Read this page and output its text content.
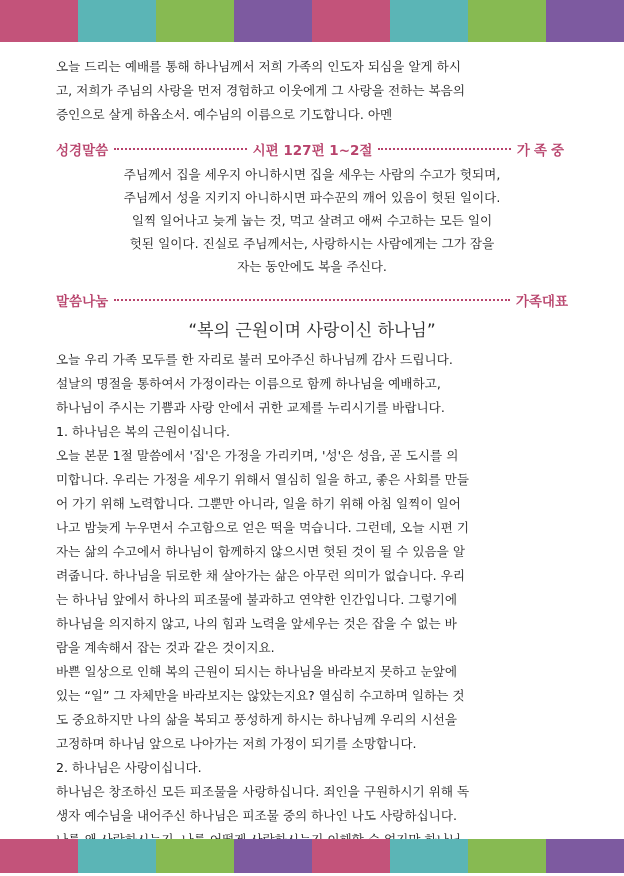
오늘 드리는 예배를 통해 하나님께서 저희 가족의 인도자 되심을 알게 하시

고, 저희가 주님의 사랑을 먼저 경험하고 이웃에게 그 사랑을 전하는 복음의

증인으로 살게 하옵소서. 예수님의 이름으로 기도합니다. 아멘

성경말씀	시편 127편 1~2절	가족중
주님께서 집을 세우지 아니하시면 집을 세우는 사람의 수고가 헛되며,
주님께서 성을 지키지 아니하시면 파수꾼의 깨어 있음이 헛된 일이다.
일찍 일어나고 늦게 눕는 것, 먹고 살려고 애써 수고하는 모든 일이
헛된 일이다. 진실로 주님께서는, 사랑하시는 사람에게는 그가 잠을
자는 동안에도 복을 주신다.
말씀나눔	가족대표
“복의 근원이며 사랑이신 하나님”

오늘 우리 가족 모두를 한 자리로 불러 모아주신 하나님께 감사 드립니다.

설날의 명절을 통하여서 가정이라는 이름으로 함께 하나님을 예배하고,

하나님이 주시는 기쁨과 사랑 안에서 귀한 교제를 누리시기를 바랍니다.

1. 하나님은 복의 근원이십니다.

오늘 본문 1절 말씀에서 '집'은 가정을 가리키며, '성'은 성읍, 곧 도시를 의

미합니다. 우리는 가정을 세우기 위해서 열심히 일을 하고, 좋은 사회를 만들

어 가기 위해 노력합니다. 그뿐만 아니라, 일을 하기 위해 아침 일찍이 일어

나고 밤늦게 누우면서 수고함으로 얻은 떡을 먹습니다. 그런데, 오늘 시편 기

자는 삶의 수고에서 하나님이 함께하지 않으시면 헛된 것이 될 수 있음을 알

려줍니다. 하나님을 뒤로한 채 살아가는 삶은 아무런 의미가 없습니다. 우리

는 하나님 앞에서 하나의 피조물에 불과하고 연약한 인간입니다. 그렇기에

하나님을 의지하지 않고, 나의 힘과 노력을 앞세우는 것은 잡을 수 없는 바

람을 계속해서 잡는 것과 같은 것이지요.

바쁜 일상으로 인해 복의 근원이 되시는 하나님을 바라보지 못하고 눈앞에

있는 “일” 그 자체만을 바라보지는 않았는지요? 열심히 수고하며 일하는 것

도 중요하지만 나의 삶을 복되고 풍성하게 하시는 하나님께 우리의 시선을

고정하며 하나님 앞으로 나아가는 저희 가정이 되기를 소망합니다.

2. 하나님은 사랑이십니다.

하나님은 창조하신 모든 피조물을 사랑하십니다. 죄인을 구원하시기 위해 독

생자 예수님을 내어주신 하나님은 피조물 중의 하나인 나도 사랑하십니다.
